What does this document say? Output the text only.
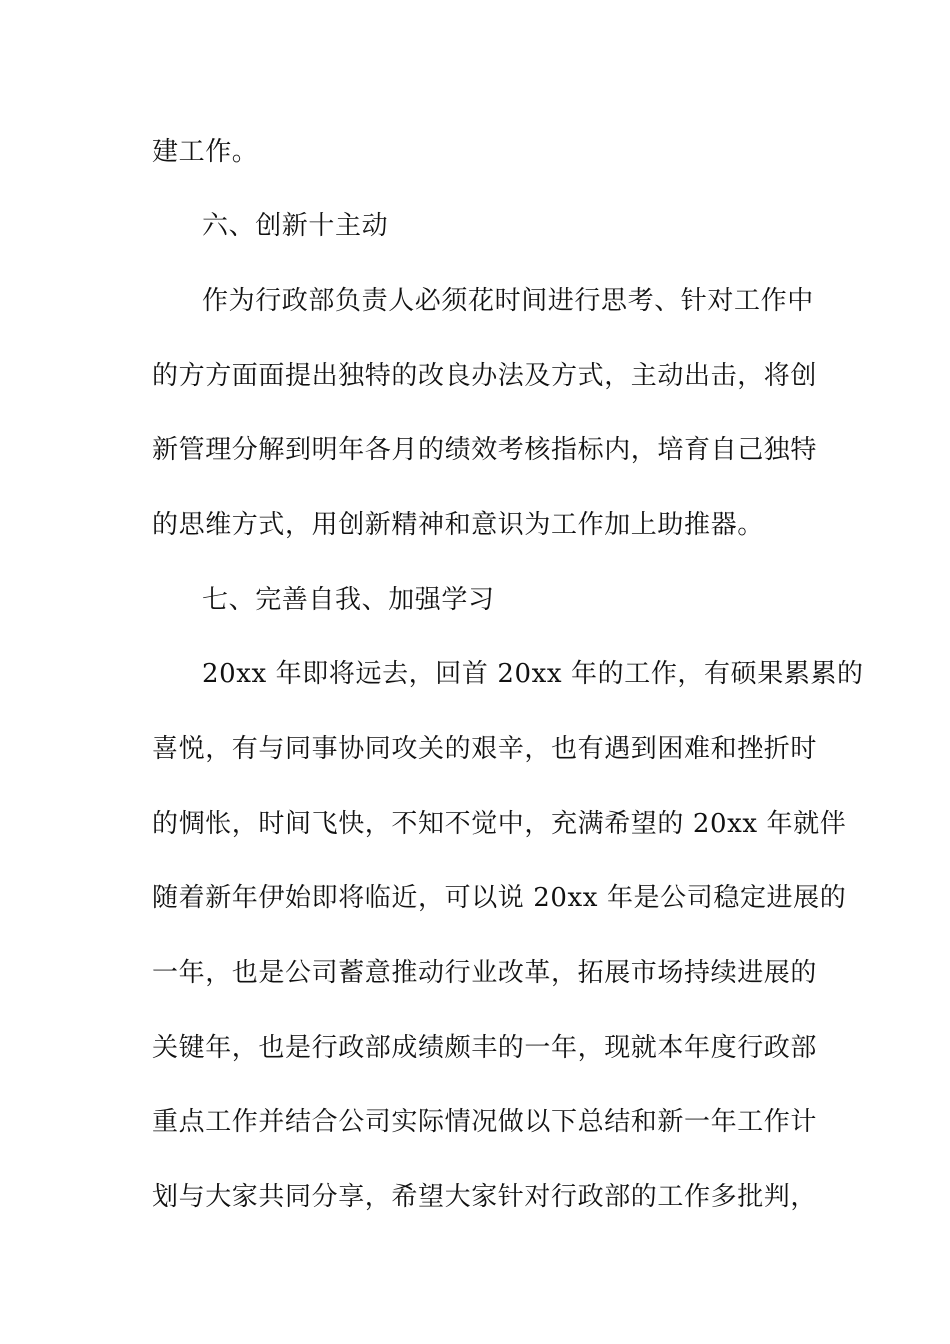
建工作。
六、创新十主动
作为行政部负责人必须花时间进行思考、针对工作中
的方方面面提出独特的改良办法及方式，主动出击，将创
新管理分解到明年各月的绩效考核指标内，培育自己独特
的思维方式，用创新精神和意识为工作加上助推器。
七、完善自我、加强学习
20xx 年即将远去，回首 20xx 年的工作，有硕果累累的
喜悦，有与同事协同攻关的艰辛，也有遇到困难和挫折时
的惆怅，时间飞快，不知不觉中，充满希望的 20xx 年就伴
随着新年伊始即将临近，可以说 20xx 年是公司稳定进展的
一年，也是公司蓄意推动行业改革，拓展市场持续进展的
关键年，也是行政部成绩颇丰的一年，现就本年度行政部
重点工作并结合公司实际情况做以下总结和新一年工作计
划与大家共同分享，希望大家针对行政部的工作多批判，
